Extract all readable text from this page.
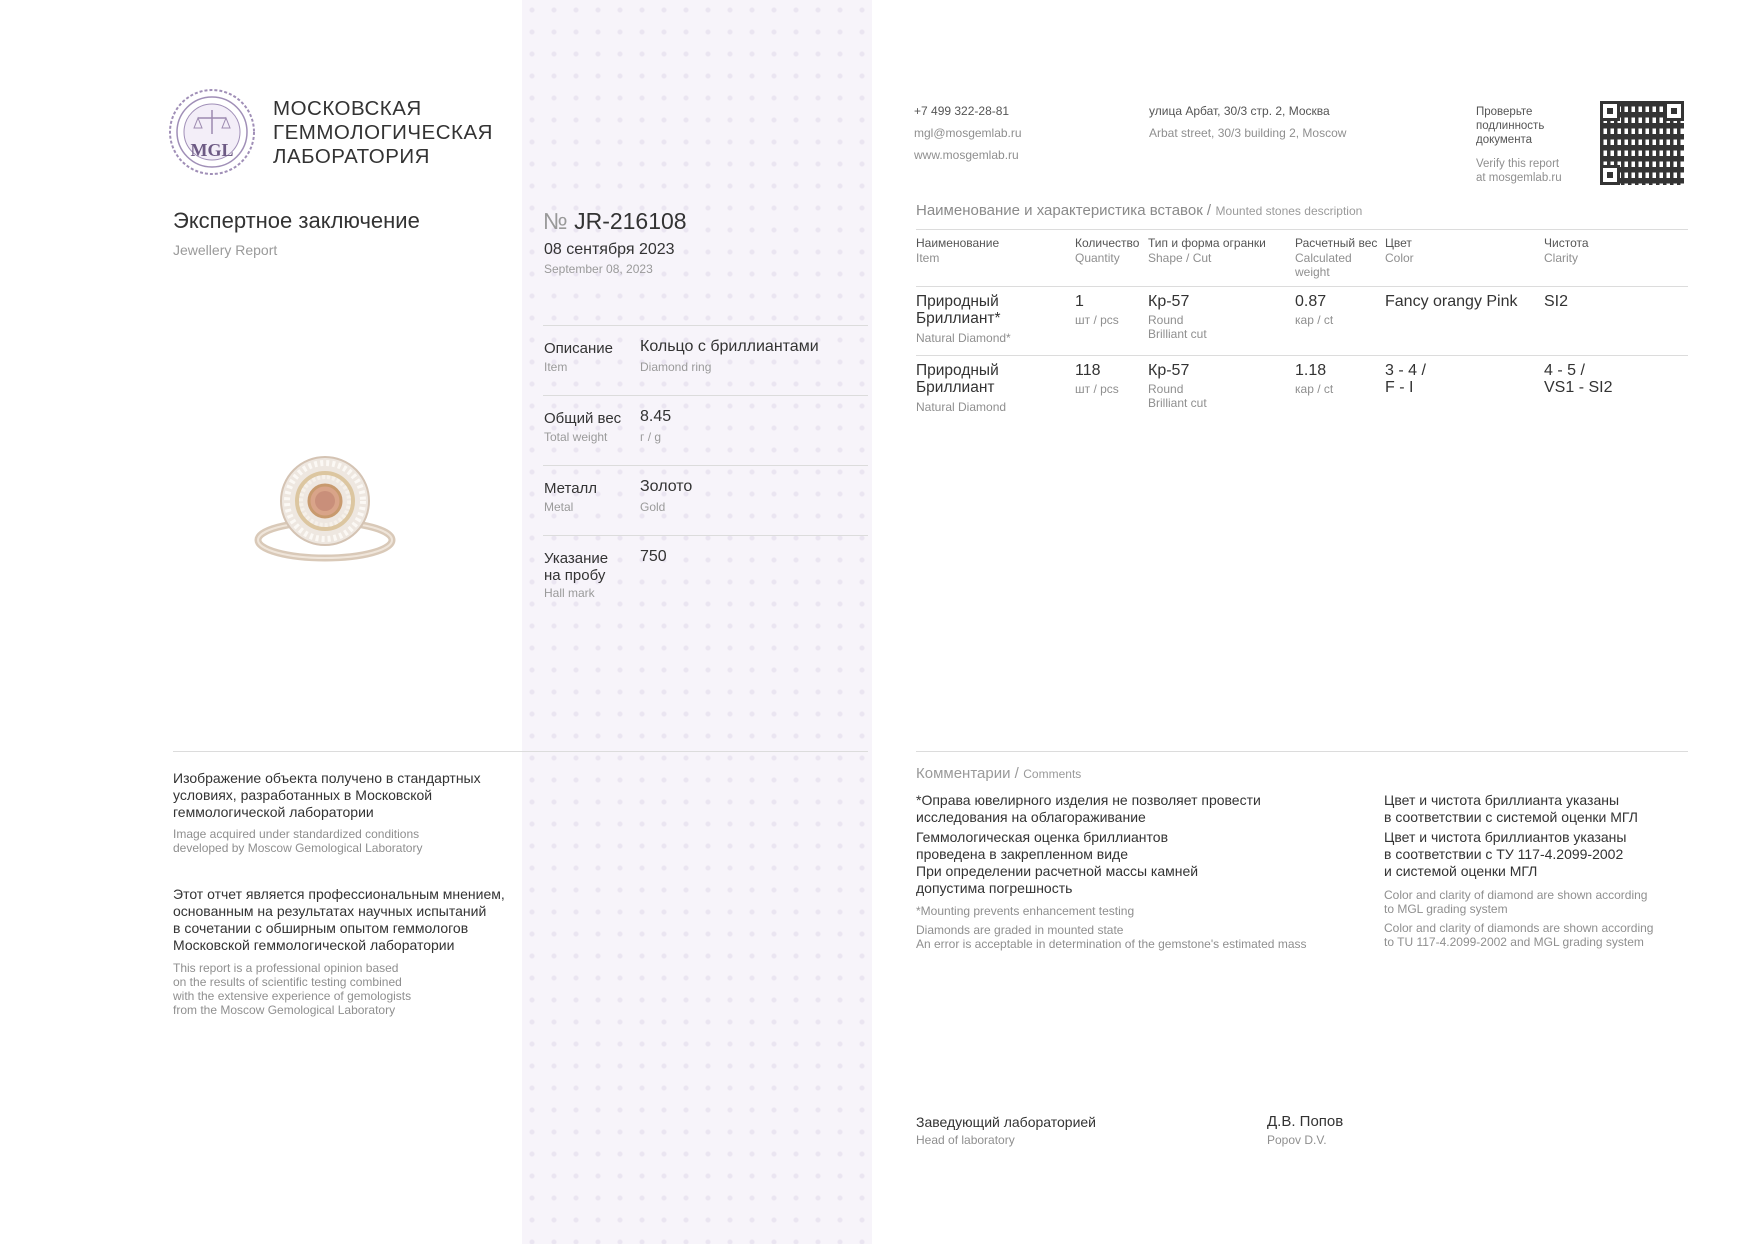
MGL
МОСКОВСКАЯ
ГЕММОЛОГИЧЕСКАЯ
ЛАБОРАТОРИЯ
+7 499 322-28-81
mgl@mosgemlab.ru
www.mosgemlab.ru
улица Арбат, 30/3 стр. 2, Москва
Arbat street, 30/3 building 2, Moscow
Проверьте
подлинность
документа
Verify this report
at mosgemlab.ru
Экспертное заключение
Jewellery Report
№ JR-216108
08 сентября 2023
September 08, 2023
Описание
Item
Кольцо с бриллиантами
Diamond ring
Общий вес
Total weight
8.45
г / g
Металл
Metal
Золото
Gold
Указание
на пробу
Hall mark
750
Наименование и характеристика вставок / Mounted stones description
Наименование
Item
Количество
Quantity
Тип и форма огранки
Shape / Cut
Расчетный вес
Calculated
weight
Цвет
Color
Чистота
Clarity
Природный
Бриллиант*
Natural Diamond*
1
шт / pcs
Кр-57
Round
Brilliant cut
0.87
кар / ct
Fancy orangy Pink SI2
Природный
Бриллиант
Natural Diamond
118
шт / pcs
Кр-57
Round
Brilliant cut
1.18
кар / ct
3 - 4 /
F - I
4 - 5 /
VS1 - SI2
Изображение объекта получено в стандартных
условиях, разработанных в Московской
геммологической лаборатории
Image acquired under standardized conditions
developed by Moscow Gemological Laboratory
Этот отчет является профессиональным мнением,
основанным на результатах научных испытаний
в сочетании с обширным опытом геммологов
Московской геммологической лаборатории
This report is a professional opinion based
on the results of scientific testing combined
with the extensive experience of gemologists
from the Moscow Gemological Laboratory
Комментарии / Comments
*Оправа ювелирного изделия не позволяет провести
исследования на облагораживание
Геммологическая оценка бриллиантов
проведена в закрепленном виде
При определении расчетной массы камней
допустима погрешность
*Mounting prevents enhancement testing
Diamonds are graded in mounted state
An error is acceptable in determination of the gemstone's estimated mass
Цвет и чистота бриллианта указаны
в соответствии с системой оценки МГЛ
Цвет и чистота бриллиантов указаны
в соответствии с ТУ 117-4.2099-2002
и системой оценки МГЛ
Color and clarity of diamond are shown according
to MGL grading system
Color and clarity of diamonds are shown according
to TU 117-4.2099-2002 and MGL grading system
Заведующий лабораторией
Head of laboratory
Д.В. Попов
Popov D.V.
